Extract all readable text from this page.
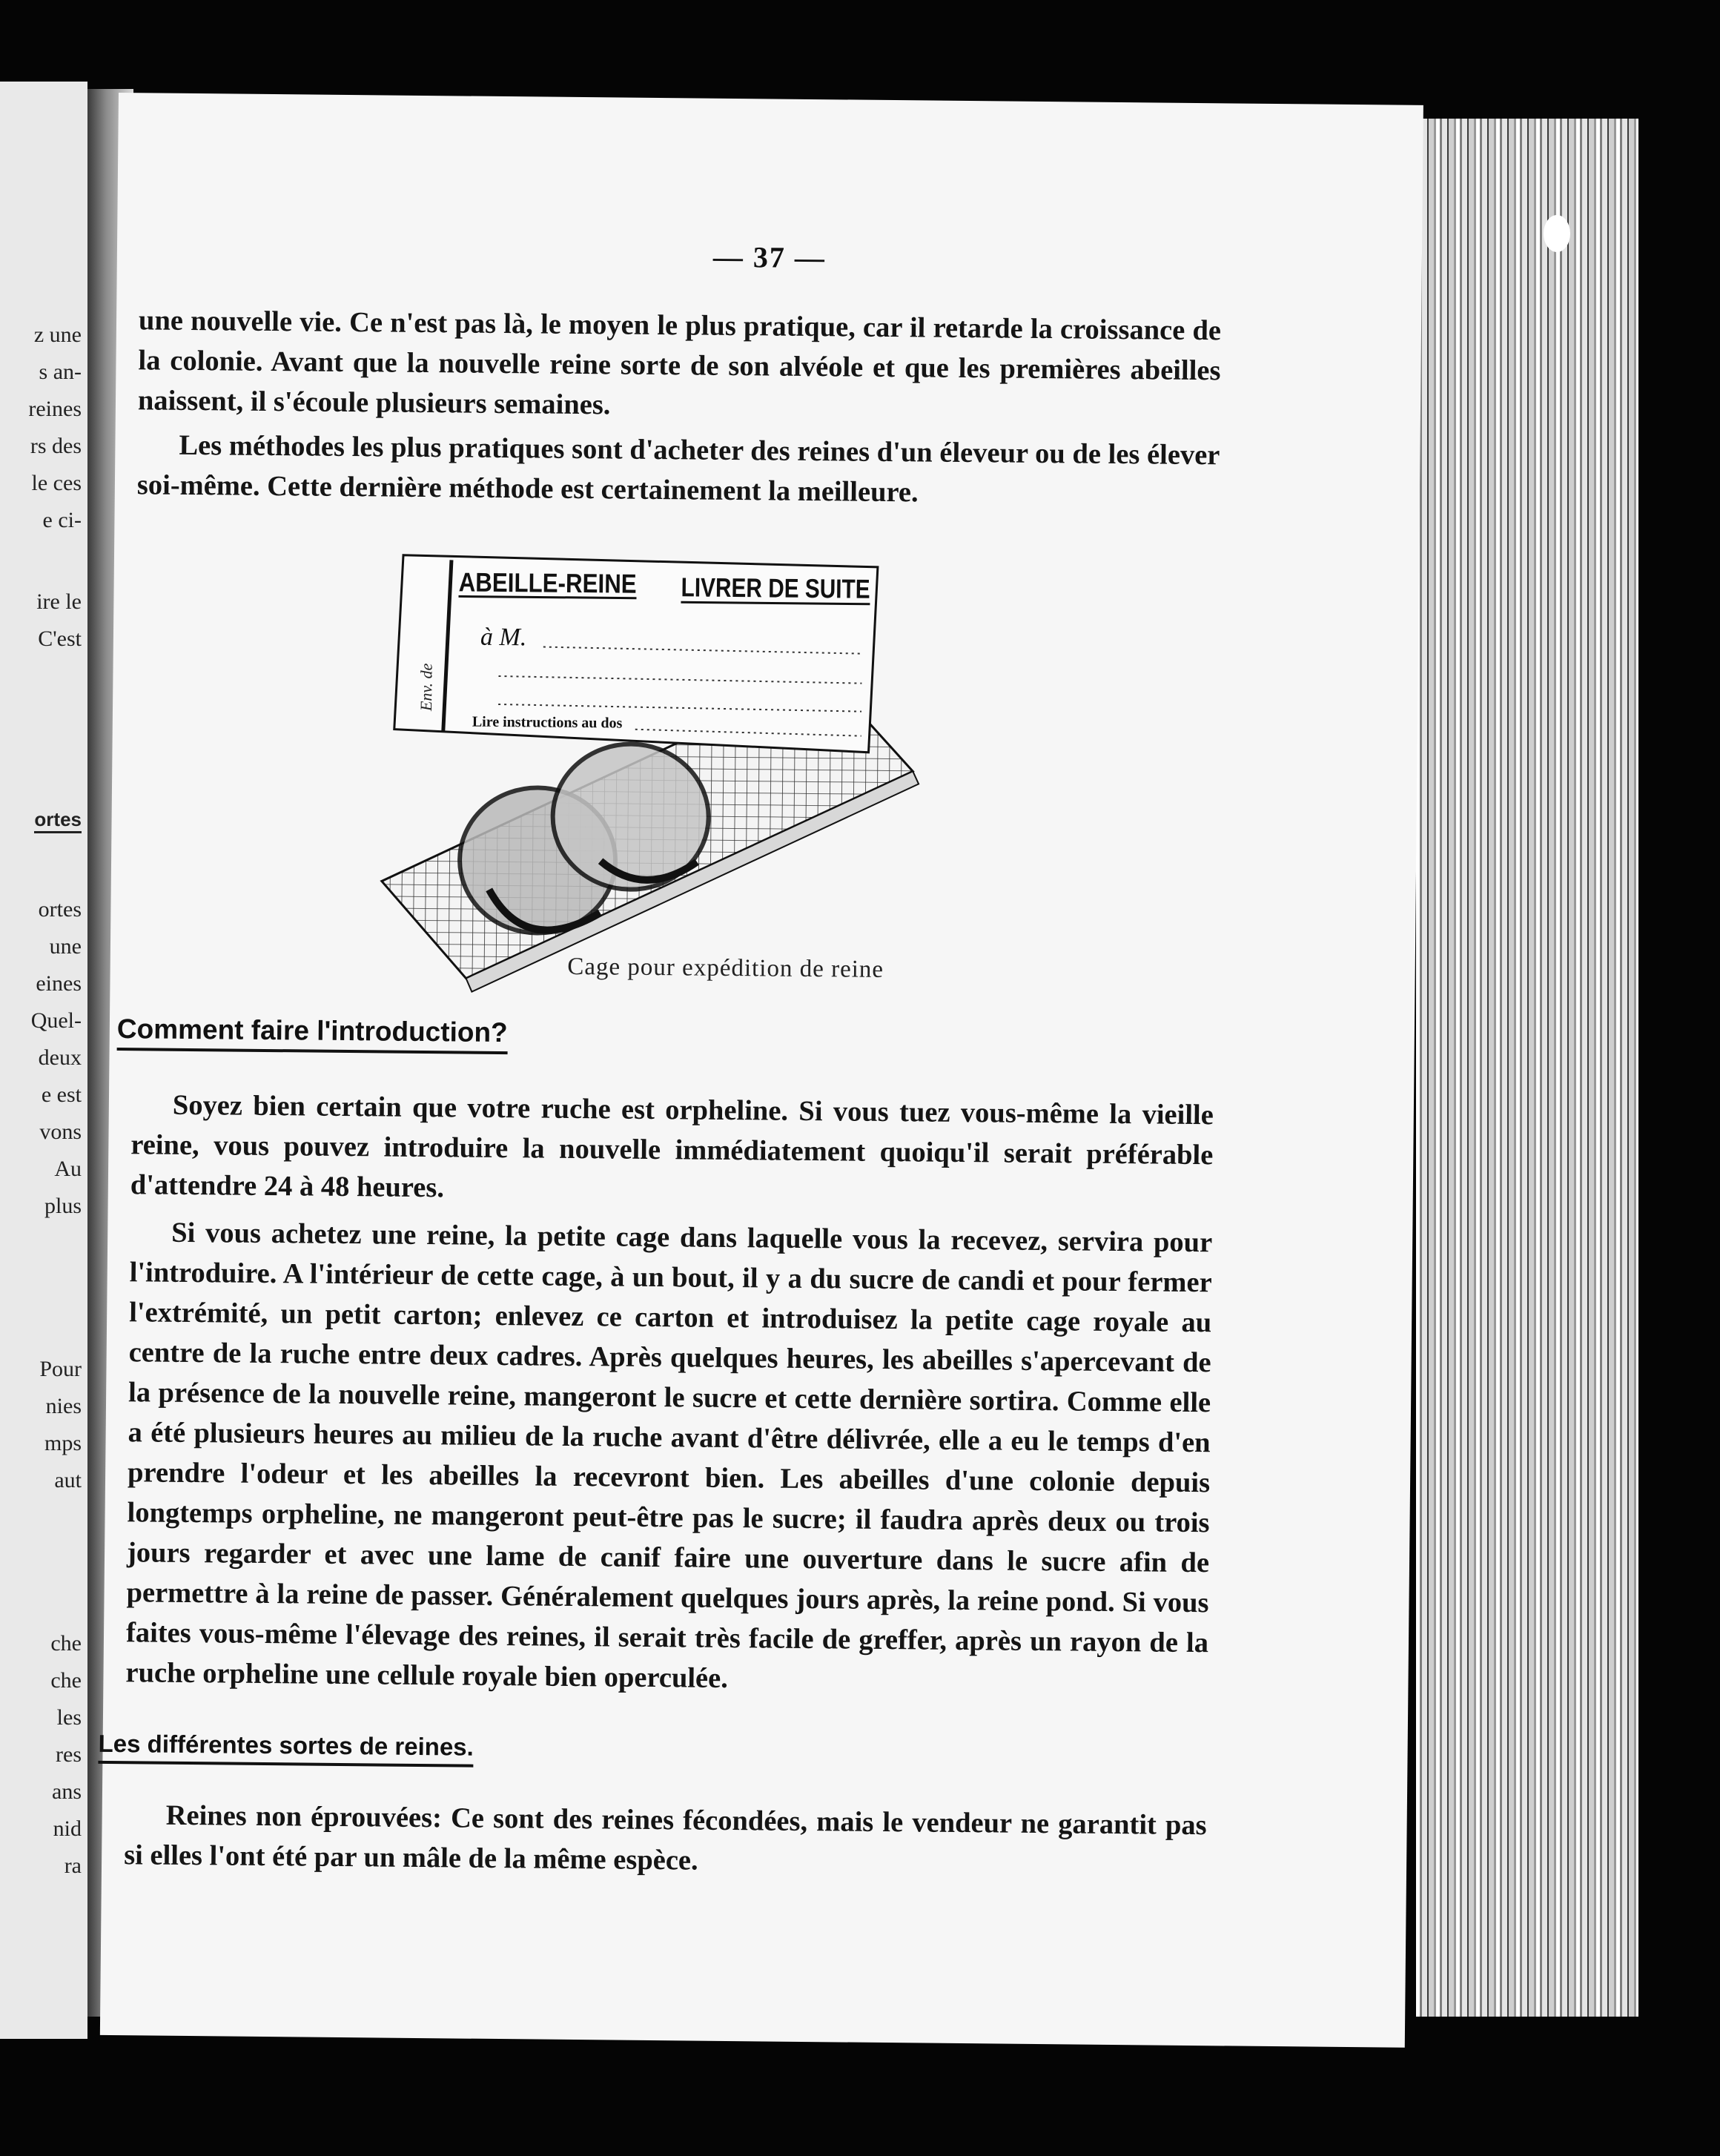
z une
s an-
reines
rs des
le ces
e ci-
ire le
C'est
ortes
ortes
une
eines
Quel-
deux
e est
vons
Au
plus
Pour
nies
mps
aut
che
che
les
res
ans
nid
ra
— 37 —

une nouvelle vie. Ce n'est pas là, le moyen le plus pratique, car il retarde la croissance de la colonie. Avant que la nouvelle reine sorte de son alvéole et que les premières abeilles naissent, il s'écoule plusieurs semaines.

Les méthodes les plus pratiques sont d'acheter des reines d'un éleveur ou de les élever soi-même. Cette dernière méthode est certainement la meilleure.

Env. de
ABEILLE-REINE LIVRER DE SUITE
à M.
Lire instructions au dos
Cage pour expédition de reine
Comment faire l'introduction?

Soyez bien certain que votre ruche est orpheline. Si vous tuez vous-même la vieille reine, vous pouvez introduire la nouvelle immédiatement quoiqu'il serait préférable d'attendre 24 à 48 heures.

Si vous achetez une reine, la petite cage dans laquelle vous la recevez, servira pour l'introduire. A l'intérieur de cette cage, à un bout, il y a du sucre de candi et pour fermer l'extrémité, un petit carton; enlevez ce carton et introduisez la petite cage royale au centre de la ruche entre deux cadres. Après quelques heures, les abeilles s'apercevant de la présence de la nouvelle reine, mangeront le sucre et cette dernière sortira. Comme elle a été plusieurs heures au milieu de la ruche avant d'être délivrée, elle a eu le temps d'en prendre l'odeur et les abeilles la recevront bien. Les abeilles d'une colonie depuis longtemps orpheline, ne mangeront peut-être pas le sucre; il faudra après deux ou trois jours regarder et avec une lame de canif faire une ouverture dans le sucre afin de permettre à la reine de passer. Généralement quelques jours après, la reine pond. Si vous faites vous-même l'élevage des reines, il serait très facile de greffer, après un rayon de la ruche orpheline une cellule royale bien operculée.

Les différentes sortes de reines.

Reines non éprouvées: Ce sont des reines fécondées, mais le vendeur ne garantit pas si elles l'ont été par un mâle de la même espèce.
